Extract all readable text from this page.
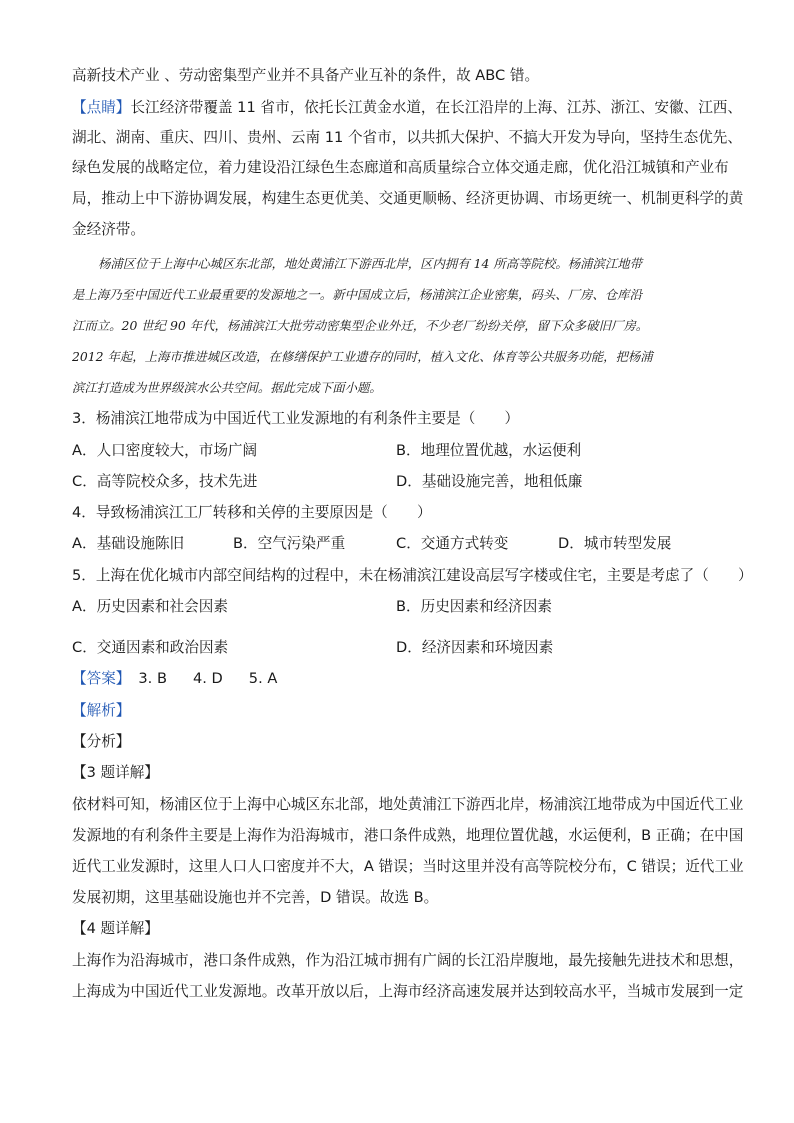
高新技术产业 、劳动密集型产业并不具备产业互补的条件，故 ABC 错。
【点睛】长江经济带覆盖 11 省市，依托长江黄金水道，在长江沿岸的上海、江苏、浙江、安徽、江西、
湖北、湖南、重庆、四川、贵州、云南 11 个省市，以共抓大保护、不搞大开发为导向，坚持生态优先、
绿色发展的战略定位，着力建设沿江绿色生态廊道和高质量综合立体交通走廊，优化沿江城镇和产业布
局，推动上中下游协调发展，构建生态更优美、交通更顺畅、经济更协调、市场更统一、机制更科学的黄
金经济带。
杨浦区位于上海中心城区东北部，地处黄浦江下游西北岸，区内拥有 14 所高等院校。杨浦滨江地带
是上海乃至中国近代工业最重要的发源地之一。新中国成立后，杨浦滨江企业密集，码头、厂房、仓库沿
江而立。20 世纪 90 年代，杨浦滨江大批劳动密集型企业外迁，不少老厂纷纷关停，留下众多破旧厂房。
2012 年起，上海市推进城区改造，在修缮保护工业遗存的同时，植入文化、体育等公共服务功能，把杨浦
滨江打造成为世界级滨水公共空间。据此完成下面小题。
3．杨浦滨江地带成为中国近代工业发源地的有利条件主要是（　　）
A．人口密度较大，市场广阔	B．地理位置优越，水运便利
C．高等院校众多，技术先进	D．基础设施完善，地租低廉
4．导致杨浦滨江工厂转移和关停的主要原因是（　　）
A．基础设施陈旧	B．空气污染严重	C．交通方式转变	D．城市转型发展
5．上海在优化城市内部空间结构的过程中，未在杨浦滨江建设高层写字楼或住宅，主要是考虑了（　　）
A．历史因素和社会因素	B．历史因素和经济因素
C．交通因素和政治因素	D．经济因素和环境因素
【答案】 3. B 4. D 5. A
【解析】
【分析】
【3 题详解】
依材料可知，杨浦区位于上海中心城区东北部，地处黄浦江下游西北岸，杨浦滨江地带成为中国近代工业
发源地的有利条件主要是上海作为沿海城市，港口条件成熟，地理位置优越，水运便利，B 正确；在中国
近代工业发源时，这里人口人口密度并不大，A 错误；当时这里并没有高等院校分布，C 错误；近代工业
发展初期，这里基础设施也并不完善，D 错误。故选 B。
【4 题详解】
上海作为沿海城市，港口条件成熟，作为沿江城市拥有广阔的长江沿岸腹地，最先接触先进技术和思想，
上海成为中国近代工业发源地。改革开放以后，上海市经济高速发展并达到较高水平，当城市发展到一定
